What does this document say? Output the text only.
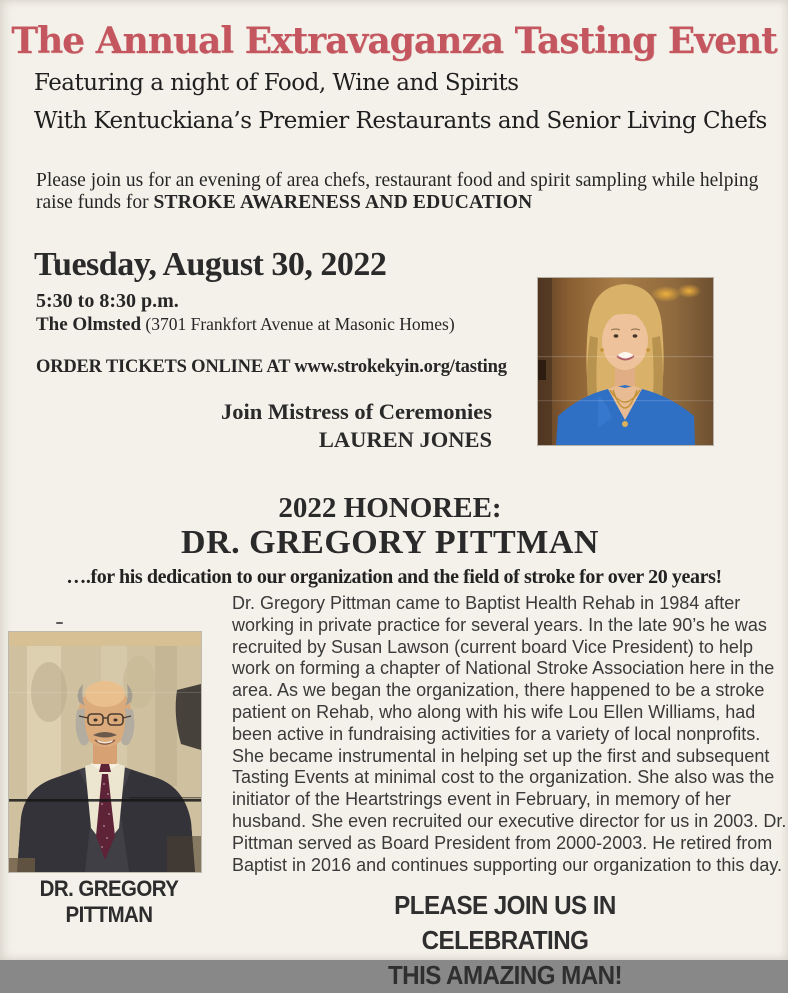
The Annual Extravaganza Tasting Event
Featuring a night of Food, Wine and Spirits
With Kentuckiana’s Premier Restaurants and Senior Living Chefs

Please join us for an evening of area chefs, restaurant food and spirit sampling while helping raise funds for STROKE AWARENESS AND EDUCATION

Tuesday, August 30, 2022
5:30 to 8:30 p.m.
The Olmsted (3701 Frankfort Avenue at Masonic Homes)
ORDER TICKETS ONLINE AT www.strokekyin.org/tasting
Join Mistress of Ceremonies
LAUREN JONES
2022 HONOREE:
DR. GREGORY PITTMAN
….for his dedication to our organization and the field of stroke for over 20 years!

Dr. Gregory Pittman came to Baptist Health Rehab in 1984 after working in private practice for several years. In the late 90’s he was recruited by Susan Lawson (current board Vice President) to help work on forming a chapter of National Stroke Association here in the area. As we began the organization, there happened to be a stroke patient on Rehab, who along with his wife Lou Ellen Williams, had been active in fundraising activities for a variety of local nonprofits. She became instrumental in helping set up the first and subsequent Tasting Events at minimal cost to the organization. She also was the initiator of the Heartstrings event in February, in memory of her husband. She even recruited our executive director for us in 2003. Dr. Pittman served as Board President from 2000-2003. He retired from Baptist in 2016 and continues supporting our organization to this day.

DR. GREGORY PITTMAN	PLEASE JOIN US IN CELEBRATING
THIS AMAZING MAN!
